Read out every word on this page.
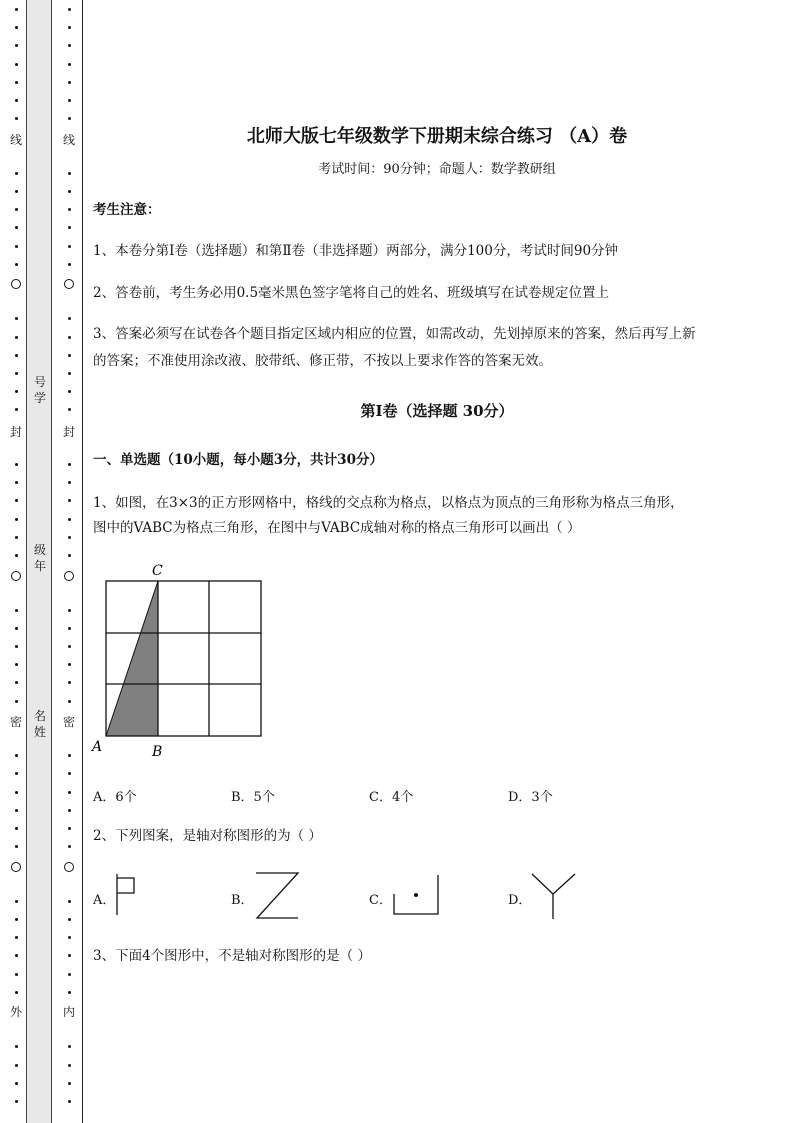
线
封
密
外
线
封
密
内
号学
级年
名姓
北师大版七年级数学下册期末综合练习 （A）卷
考试时间：90分钟；命题人：数学教研组
考生注意：
1、本卷分第Ⅰ卷（选择题）和第Ⅱ卷（非选择题）两部分，满分100分，考试时间90分钟
2、答卷前，考生务必用0.5毫米黑色签字笔将自己的姓名、班级填写在试卷规定位置上
3、答案必须写在试卷各个题目指定区域内相应的位置，如需改动，先划掉原来的答案，然后再写上新
的答案；不准使用涂改液、胶带纸、修正带，不按以上要求作答的答案无效。
第Ⅰ卷（选择题 30分）
一、单选题（10小题，每小题3分，共计30分）
1、如图，在3×3的正方形网格中，格线的交点称为格点，以格点为顶点的三角形称为格点三角形，
图中的VABC为格点三角形，在图中与VABC成轴对称的格点三角形可以画出（ ）
A	B
C
A．6个	B．5个	C．4个	D．3个
2、下列图案，是轴对称图形的为（ ）
A．	B．	C．	D．
3、下面4个图形中，不是轴对称图形的是（ ）
